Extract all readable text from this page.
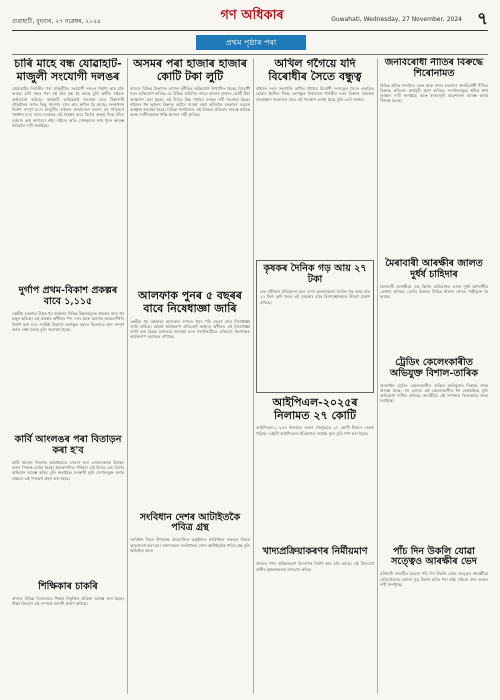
গুৱাহাটী, বুধবাৰ, ২৭ নৱেম্বৰ, ২০২৪	গণ অধিকাৰ	Guwahati, Wednesday, 27 November, 2024 ৭
প্ৰথম পৃষ্ঠাৰ পৰা
চাৰি মাহে বন্ধ যোৱাহাট-মাজুলী সংযোগী দলঙৰ
যোৱাহাটৰ নিমাতীৰ পৰা মাজুলীলৈ সংযোগী দলঙৰ নিৰ্মাণ কাম চলি আছে। চাৰি মাহৰ পৰা এই কাম বন্ধ হৈ আছে বুলি স্থানীয় ৰাইজে অভিযোগ কৰিছে। কাৰ্যবাহী অভিযন্তাই জনোৱা মতে ঠিকাদাৰী প্ৰতিষ্ঠানৰ লগত কিছু সমস্যাৰ বাবে কাম স্থগিত হৈ আছে। দলঙখনৰ নিৰ্মাণ সম্পূৰ্ণ হ'লে মাজুলীৰ ৰাইজৰ যাতায়াতৰ সমস্যা বহু পৰিমাণে সমাধান হ'ব। ৰাজ্য চৰকাৰে এই প্ৰকল্পৰ বাবে বিশেষ গুৰুত্ব দিছে যদিও বৰ্তমান কাম আগবঢ়া নাই। ৰাইজে অতি সোনকালে কাম পুনৰ আৰম্ভ কৰিবলৈ দাবী জনাইছে।
দুৰ্গাপ প্ৰথম-বিকাশ প্ৰকল্পৰ বাবে ১,১১৫
কেন্দ্ৰীয় চৰকাৰে উত্তৰ-পূব অঞ্চলৰ বিভিন্ন উন্নয়নমূলক প্ৰকল্পৰ বাবে ধন মঞ্জুৰ কৰিছে। এই প্ৰকল্পৰ অধীনত পথ, দলং আৰু অন্যান্য আন্তঃগাঁথনি নিৰ্মাণ কৰা হ'ব। সংশ্লিষ্ট বিভাগে আগন্তুক বছৰৰ ভিতৰতে কাম সম্পূৰ্ণ কৰাৰ লক্ষ্য লৈছে বুলি জনোৱা হৈছে।
কাৰ্বি আংলঙৰ পৰা বিতাড়ন কৰা হ'ব
কাৰ্বি আংলং জিলাত অবৈধভাৱে বসবাস কৰা লোকসকলক উচ্ছেদ কৰাৰ সিদ্ধান্ত লোৱা হৈছে। স্বায়ত্তশাসিত পৰিষদে এই বিষয়ে এক বিশেষ অভিযান আৰম্ভ কৰিব বুলি জনাইছে। চৰকাৰী ভূমি বেদখলমুক্ত কৰাৰ লক্ষ্যৰে এই পদক্ষেপ গ্ৰহণ কৰা হৈছে।
শিক্ষিকাৰ চাকৰি
ৰাজ্যৰ বিভিন্ন বিদ্যালয়ত শিক্ষক নিযুক্তিৰ প্ৰক্ৰিয়া আৰম্ভ কৰা হৈছে। শিক্ষা বিভাগে এই সম্পৰ্কে জাননী প্ৰকাশ কৰিছে।
অসমৰ পৰা হাজাৰ হাজাৰ কোটি টকা লুটি
ৰাজ্যৰ বিভিন্ন বিভাগত ব্যাপক দুৰ্নীতিৰ অভিযোগ উত্থাপিত হৈছে। বিৰোধী দলে অভিযোগ কৰিছে যে বিভিন্ন আঁচনিৰ নামত হাজাৰ হাজাৰ কোটি টকা আত্মসাৎ কৰা হৈছে। এই বিষয়ে উচ্চ পৰ্যায়ৰ তদন্তৰ দাবী জনোৱা হৈছে। ৰাইজৰ ধন লুণ্ঠনৰ বিৰুদ্ধে কঠোৰ ব্যৱস্থা গ্ৰহণ কৰিবলৈ চৰকাৰৰ ওচৰত আহ্বান জনোৱা হৈছে। বিভিন্ন সংগঠনেও এই বিষয়ত প্ৰতিবাদ সাব্যস্ত কৰিছে আৰু দোষীসকলক শাস্তি প্ৰদানৰ দাবী কৰিছে।
আলফাক পুনৰ ৫ বছৰৰ বাবে নিষেধাজ্ঞা জাৰি
কেন্দ্ৰীয় গৃহ মন্ত্ৰালয়ে আলফাৰ ওপৰত পুনৰ পাঁচ বছৰৰ বাবে নিষেধাজ্ঞা জাৰি কৰিছে। অবৈধ কাৰ্যকলাপ প্ৰতিৰোধ আইনৰ অধীনত এই নিষেধাজ্ঞা জাৰি কৰা হৈছে। মন্ত্ৰালয়ে জনোৱা মতে সংগঠনটোৱে এতিয়াও হিংসাত্মক কাৰ্যকলাপ অব্যাহত ৰাখিছে।
সংবিধান দেশৰ আটাইতকৈ পবিত্ৰ গ্ৰন্থ
সংবিধান দিৱস উপলক্ষে আয়োজিত অনুষ্ঠানত সংবিধানৰ গুৰুত্বৰ বিষয়ে আলোচনা কৰা হয়। বক্তাসকলে সংবিধানক দেশৰ আটাইতকৈ পবিত্ৰ গ্ৰন্থ বুলি অভিহিত কৰে।
অখিল গগৈয়ে যদি বিৰোধীৰ সৈতে বন্ধুত্ব
ৰাইজৰ দলৰ সভাপতি অখিল গগৈয়ে বিৰোধী দলসমূহৰ সৈতে একত্ৰিত হোৱাৰ ইংগিত দিছে। আগন্তুক নিৰ্বাচনত শাসকীয় দলৰ বিৰুদ্ধে ঐক্যবদ্ধ প্ৰত্যাহ্বান জনোৱাৰ বাবে এই পদক্ষেপ লোৱা হৈছে বুলি তেওঁ জনায়।
কৃষকৰ দৈনিক গড় আয় ২৭ টকা
এক সমীক্ষাৰ প্ৰতিবেদন মতে দেশৰ কৃষকসকলৰ দৈনিক গড় আয় মাত্ৰ ২৭ টকা। কৃষি খণ্ডৰ এই দুৰৱস্থাৰ বাবে বিশেষজ্ঞসকলে উদ্বেগ প্ৰকাশ কৰিছে।
আইপিএল-২০২৫ৰ নিলামত ২৭ কোটি
আইপিএল-২০২৫ৰ নিলামত এজন খেলুৱৈয়ে ২৭ কোটি টকাৰে ৰেকৰ্ড গঢ়িছে। এইটো আইপিএলৰ ইতিহাসত সৰ্বোচ্চ মূল্য বুলি গণ্য কৰা হৈছে।
খাদ্যপ্ৰক্ৰিয়াকৰণৰ নিৰ্মীয়মাণ
ৰাজ্যত খাদ্য প্ৰক্ৰিয়াকৰণ উদ্যোগৰ নিৰ্মাণ কাম চলি আছে। এই উদ্যোগে স্থানীয় কৃষকসকলক লাভৱান কৰিব।
জনবিৰোধী নীতিৰ বিৰুদ্ধে শিৰোনামত
বিভিন্ন শ্ৰমিক সংগঠনে কেন্দ্ৰ আৰু ৰাজ্য চৰকাৰৰ জনবিৰোধী নীতিৰ বিৰুদ্ধে প্ৰতিবাদ কাৰ্যসূচী গ্ৰহণ কৰিছে। সংগঠনসমূহে শ্ৰমিক স্বাৰ্থ সুৰক্ষাৰ দাবী জনাইছে আৰু ৰাজ্যজুৰি আন্দোলন আৰম্ভ কৰাৰ সিদ্ধান্ত লৈছে।
মৈৰাবাৰী আৰক্ষীৰ জালত দুৰ্ধৰ্ষ চাহিদাৰ
মৈৰাবাৰী আৰক্ষীয়ে এক বিশেষ অভিযানত এজন দুৰ্ধৰ্ষ অপৰাধীক গ্ৰেপ্তাৰ কৰিছে। তেওঁৰ বিৰুদ্ধে বিভিন্ন থানাত গোচৰ পঞ্জীভুক্ত হৈ আছে।
ট্ৰেডিং কেলেংকাৰীত অভিযুক্ত বিশাল-তাৰিক
অনলাইন ট্ৰেডিং কেলেংকাৰীত জড়িত অভিযুক্তৰ বিৰুদ্ধে তদন্ত আৰম্ভ হৈছে। বহু লোকে এই কেলেংকাৰীত ধন হেৰুৱাইছে বুলি অভিযোগ দাখিল কৰিছে। আৰক্ষীয়ে এই সম্পৰ্কত বিতংভাৱে তদন্ত চলাইছে।
পাঁচ দিন উকলি যোৱা সত্ত্বেও আৰক্ষীৰ ভেদ
ঘটনাটো সংঘটিত হোৱাৰ পাঁচ দিন উকলি যোৱা সত্ত্বেও আৰক্ষীয়ে এতিয়ালৈকে কোনো সূত্ৰ উদ্ধাৰ কৰিব পৰা নাই। ৰাইজে দ্ৰুত তদন্তৰ দাবী জনাইছে।
